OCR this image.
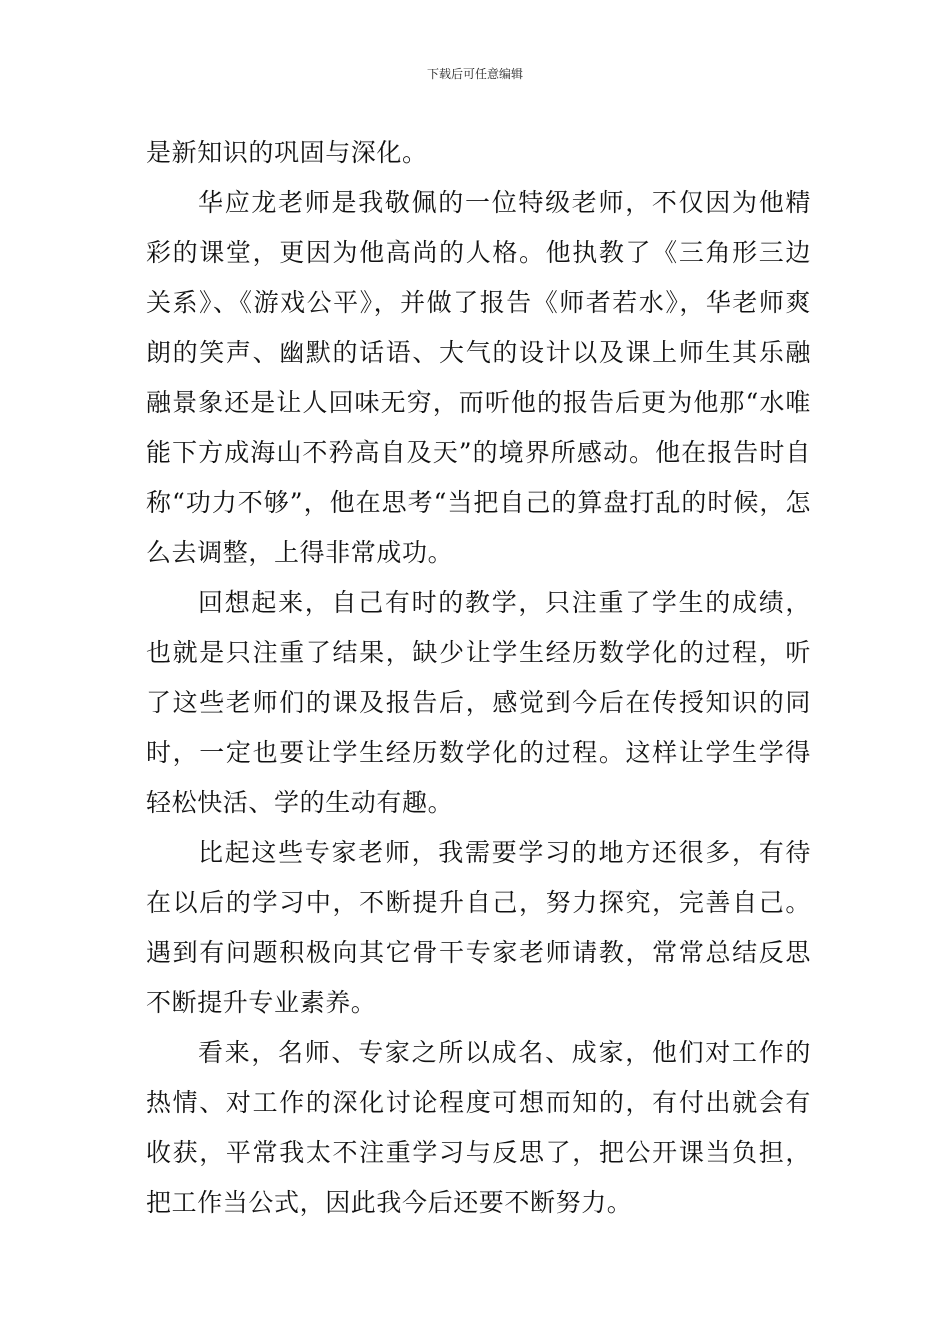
下载后可任意编辑

是新知识的巩固与深化。

华应龙老师是我敬佩的一位特级老师，不仅因为他精彩的课堂，更因为他高尚的人格。他执教了《三角形三边关系》、《游戏公平》，并做了报告《师者若水》，华老师爽朗的笑声、幽默的话语、大气的设计以及课上师生其乐融融景象还是让人回味无穷，而听他的报告后更为他那“水唯能下方成海山不矜高自及天”的境界所感动。他在报告时自称“功力不够”，他在思考“当把自己的算盘打乱的时候，怎么去调整，上得非常成功。

回想起来，自己有时的教学，只注重了学生的成绩，也就是只注重了结果，缺少让学生经历数学化的过程，听了这些老师们的课及报告后，感觉到今后在传授知识的同时，一定也要让学生经历数学化的过程。这样让学生学得轻松快活、学的生动有趣。

比起这些专家老师，我需要学习的地方还很多，有待在以后的学习中，不断提升自己，努力探究，完善自己。遇到有问题积极向其它骨干专家老师请教，常常总结反思不断提升专业素养。

看来，名师、专家之所以成名、成家，他们对工作的热情、对工作的深化讨论程度可想而知的，有付出就会有收获，平常我太不注重学习与反思了，把公开课当负担，把工作当公式，因此我今后还要不断努力。
